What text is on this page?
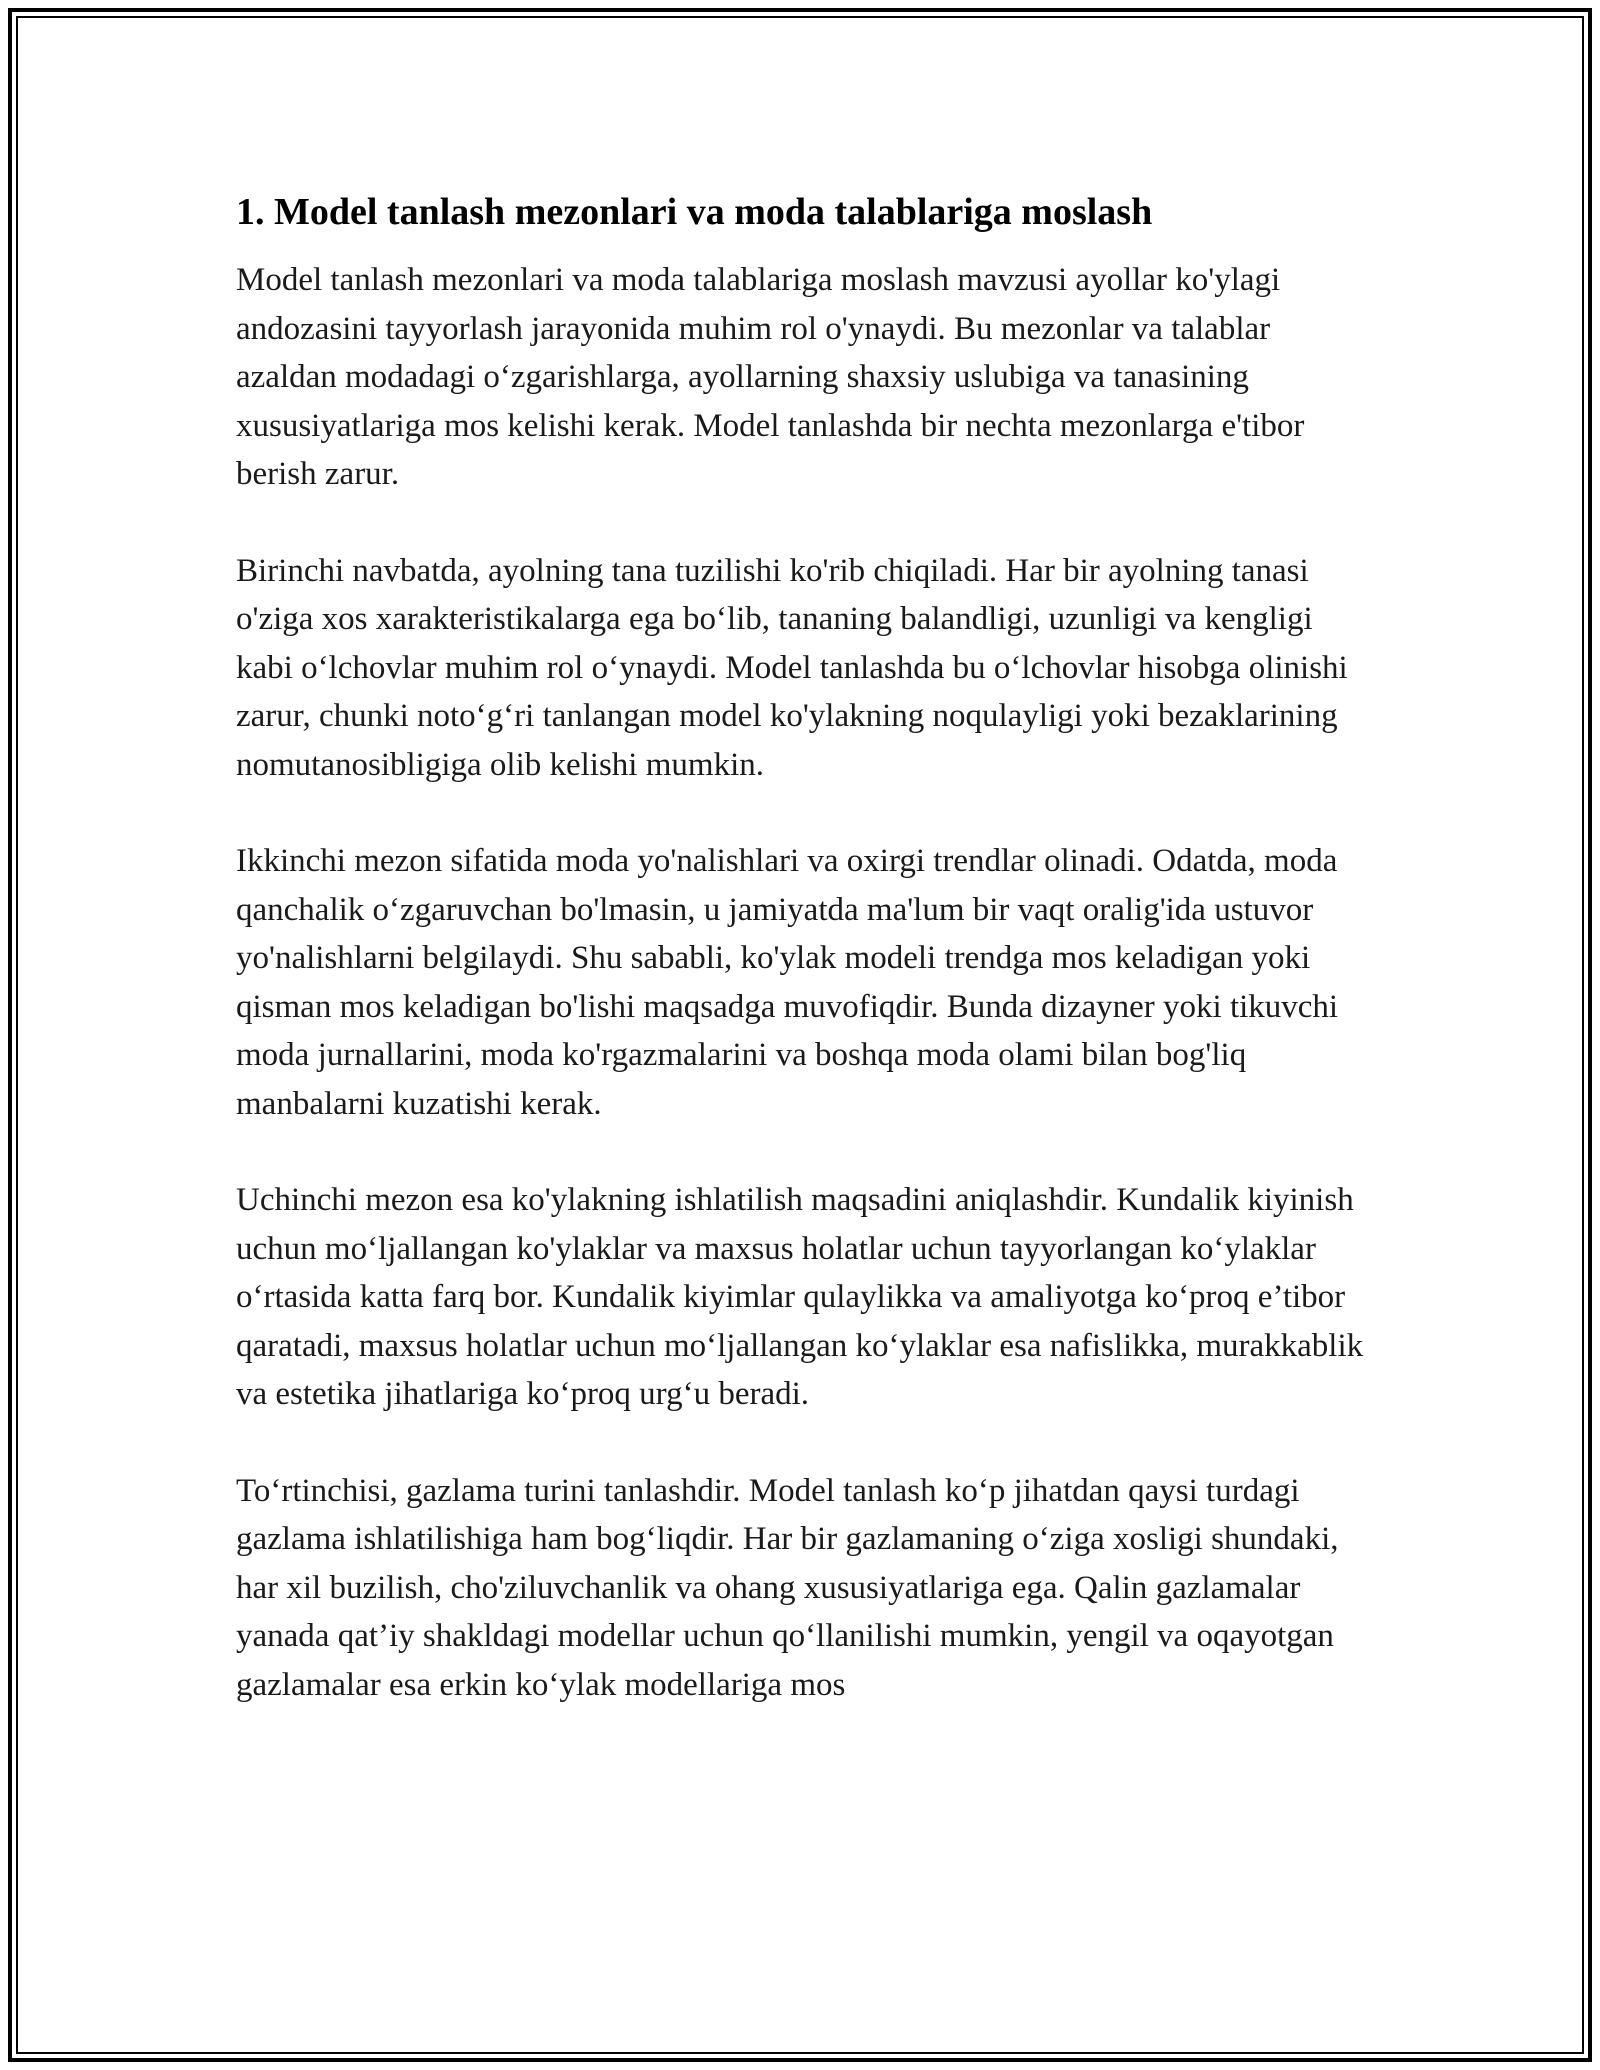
1. Model tanlash mezonlari va moda talablariga moslash

Model tanlash mezonlari va moda talablariga moslash mavzusi ayollar ko'ylagi andozasini tayyorlash jarayonida muhim rol o'ynaydi. Bu mezonlar va talablar azaldan modadagi o‘zgarishlarga, ayollarning shaxsiy uslubiga va tanasining xususiyatlariga mos kelishi kerak. Model tanlashda bir nechta mezonlarga e'tibor berish zarur.

Birinchi navbatda, ayolning tana tuzilishi ko'rib chiqiladi. Har bir ayolning tanasi o'ziga xos xarakteristikalarga ega bo‘lib, tananing balandligi, uzunligi va kengligi kabi o‘lchovlar muhim rol o‘ynaydi. Model tanlashda bu o‘lchovlar hisobga olinishi zarur, chunki noto‘g‘ri tanlangan model ko'ylakning noqulayligi yoki bezaklarining nomutanosibligiga olib kelishi mumkin.

Ikkinchi mezon sifatida moda yo'nalishlari va oxirgi trendlar olinadi. Odatda, moda qanchalik o‘zgaruvchan bo'lmasin, u jamiyatda ma'lum bir vaqt oralig'ida ustuvor yo'nalishlarni belgilaydi. Shu sababli, ko'ylak modeli trendga mos keladigan yoki qisman mos keladigan bo'lishi maqsadga muvofiqdir. Bunda dizayner yoki tikuvchi moda jurnallarini, moda ko'rgazmalarini va boshqa moda olami bilan bog'liq manbalarni kuzatishi kerak.

Uchinchi mezon esa ko'ylakning ishlatilish maqsadini aniqlashdir. Kundalik kiyinish uchun mo‘ljallangan ko'ylaklar va maxsus holatlar uchun tayyorlangan ko‘ylaklar o‘rtasida katta farq bor. Kundalik kiyimlar qulaylikka va amaliyotga ko‘proq e’tibor qaratadi, maxsus holatlar uchun mo‘ljallangan ko‘ylaklar esa nafislikka, murakkablik va estetika jihatlariga ko‘proq urg‘u beradi.

To‘rtinchisi, gazlama turini tanlashdir. Model tanlash ko‘p jihatdan qaysi turdagi gazlama ishlatilishiga ham bog‘liqdir. Har bir gazlamaning o‘ziga xosligi shundaki, har xil buzilish, cho'ziluvchanlik va ohang xususiyatlariga ega. Qalin gazlamalar yanada qat’iy shakldagi modellar uchun qo‘llanilishi mumkin, yengil va oqayotgan gazlamalar esa erkin ko‘ylak modellariga mos
